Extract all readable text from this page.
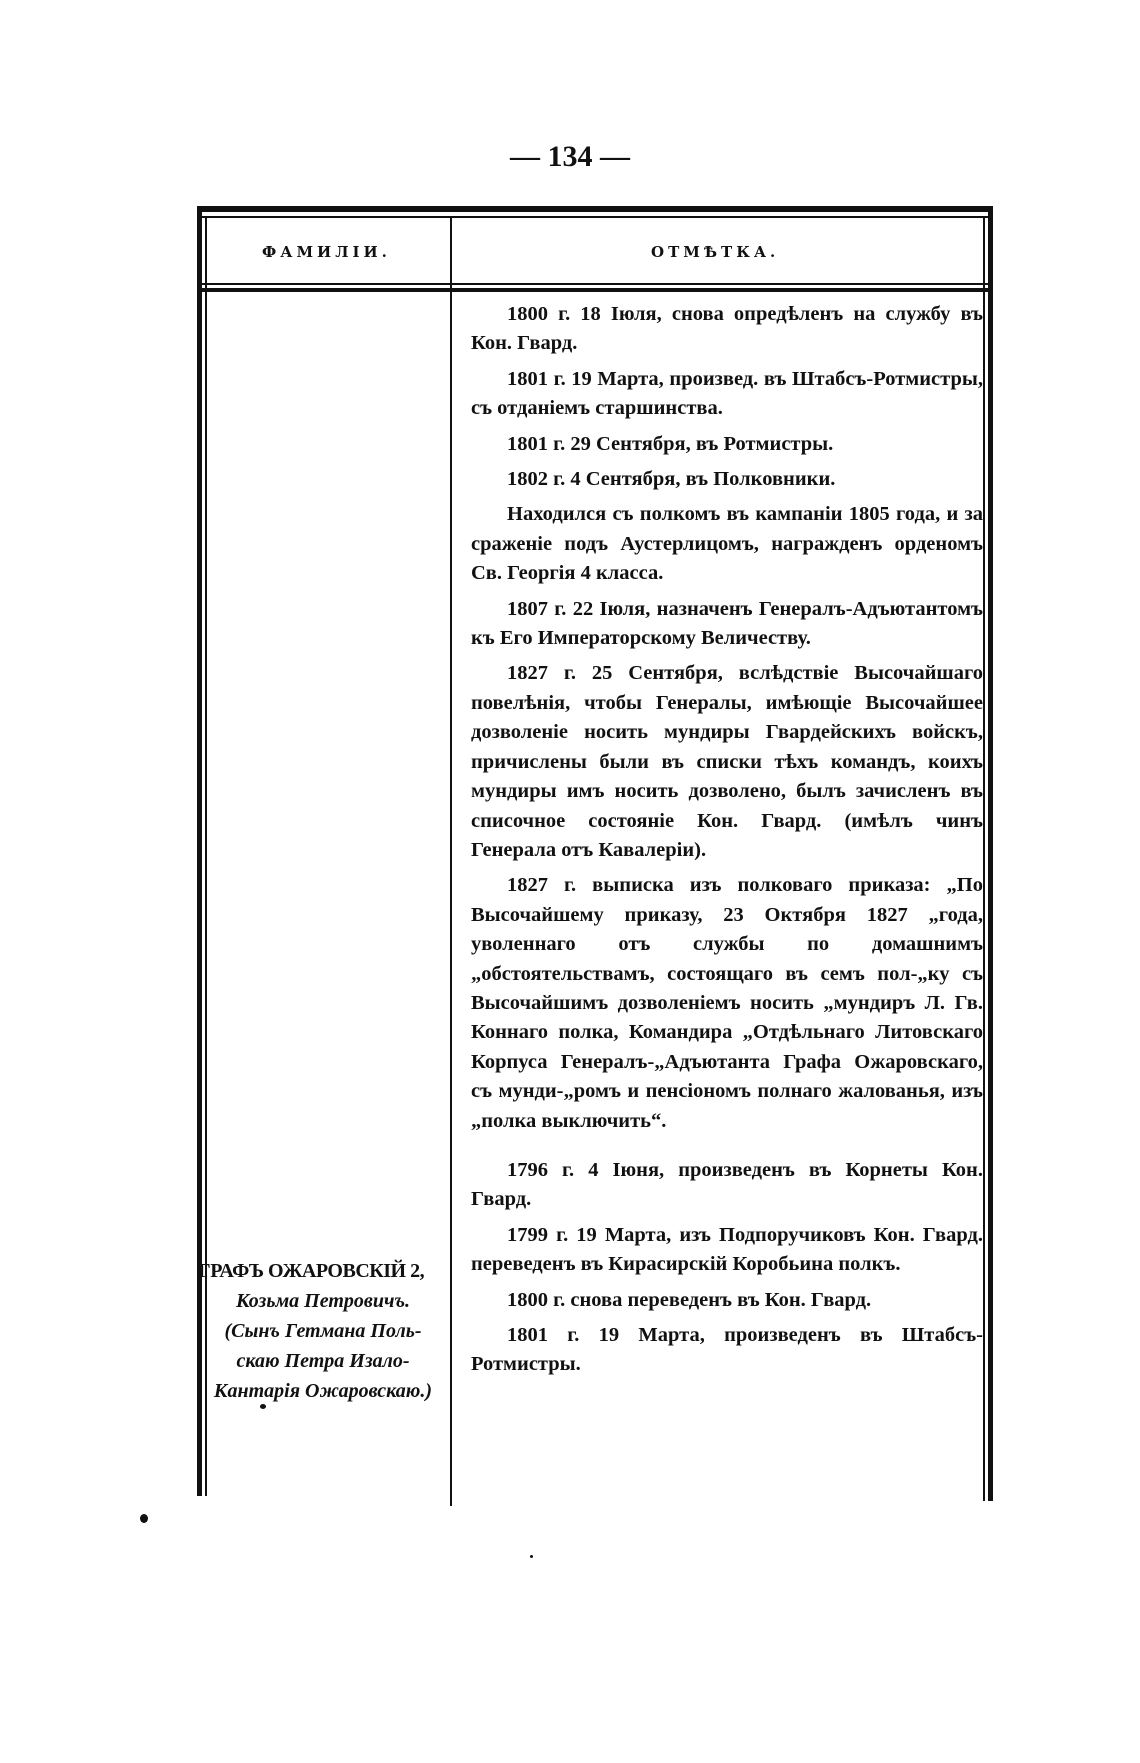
— 134 —
ФАМИЛІИ.	ОТМѢТКА.

1800 г. 18 Іюля, снова опредѣленъ на службу въ Кон. Гвард.

1801 г. 19 Марта, произвед. въ Штабсъ-Ротмистры, съ отданіемъ старшинства.

1801 г. 29 Сентября, въ Ротмистры.

1802 г. 4 Сентября, въ Полковники.

Находился съ полкомъ въ кампаніи 1805 года, и за сраженіе подъ Аустерлицомъ, награжденъ орденомъ Св. Георгія 4 класса.

1807 г. 22 Іюля, назначенъ Генералъ-Адъютантомъ къ Его Императорскому Величеству.

1827 г. 25 Сентября, вслѣдствіе Высочайшаго повелѣнія, чтобы Генералы, имѣющіе Высочайшее дозволеніе носить мундиры Гвардейскихъ войскъ, причислены были въ списки тѣхъ командъ, коихъ мундиры имъ носить дозволено, былъ зачисленъ въ списочное состояніе Кон. Гвард. (имѣлъ чинъ Генерала отъ Кавалеріи).

1827 г. выписка изъ полковаго приказа: „По Высочайшему приказу, 23 Октября 1827 „года, уволеннаго отъ службы по домашнимъ „обстоятельствамъ, состоящаго въ семъ пол-„ку съ Высочайшимъ дозволеніемъ носить „мундиръ Л. Гв. Коннаго полка, Командира „Отдѣльнаго Литовскаго Корпуса Генералъ-„Адъютанта Графа Ожаровскаго, съ мунди-„ромъ и пенсіономъ полнаго жалованья, изъ „полка выключить“.

1796 г. 4 Іюня, произведенъ въ Корнеты Кон. Гвард.

1799 г. 19 Марта, изъ Подпоручиковъ Кон. Гвард. переведенъ въ Кирасирскій Коробьина полкъ.

1800 г. снова переведенъ въ Кон. Гвард.

1801 г. 19 Марта, произведенъ въ Штабсъ-Ротмистры.

ГРАФЪ ОЖАРОВСКІЙ 2,
Козьма Петровичъ.
(Сынъ Гетмана Поль-
скаю Петра Изало-
Кантарія Ожаровскаю.)
